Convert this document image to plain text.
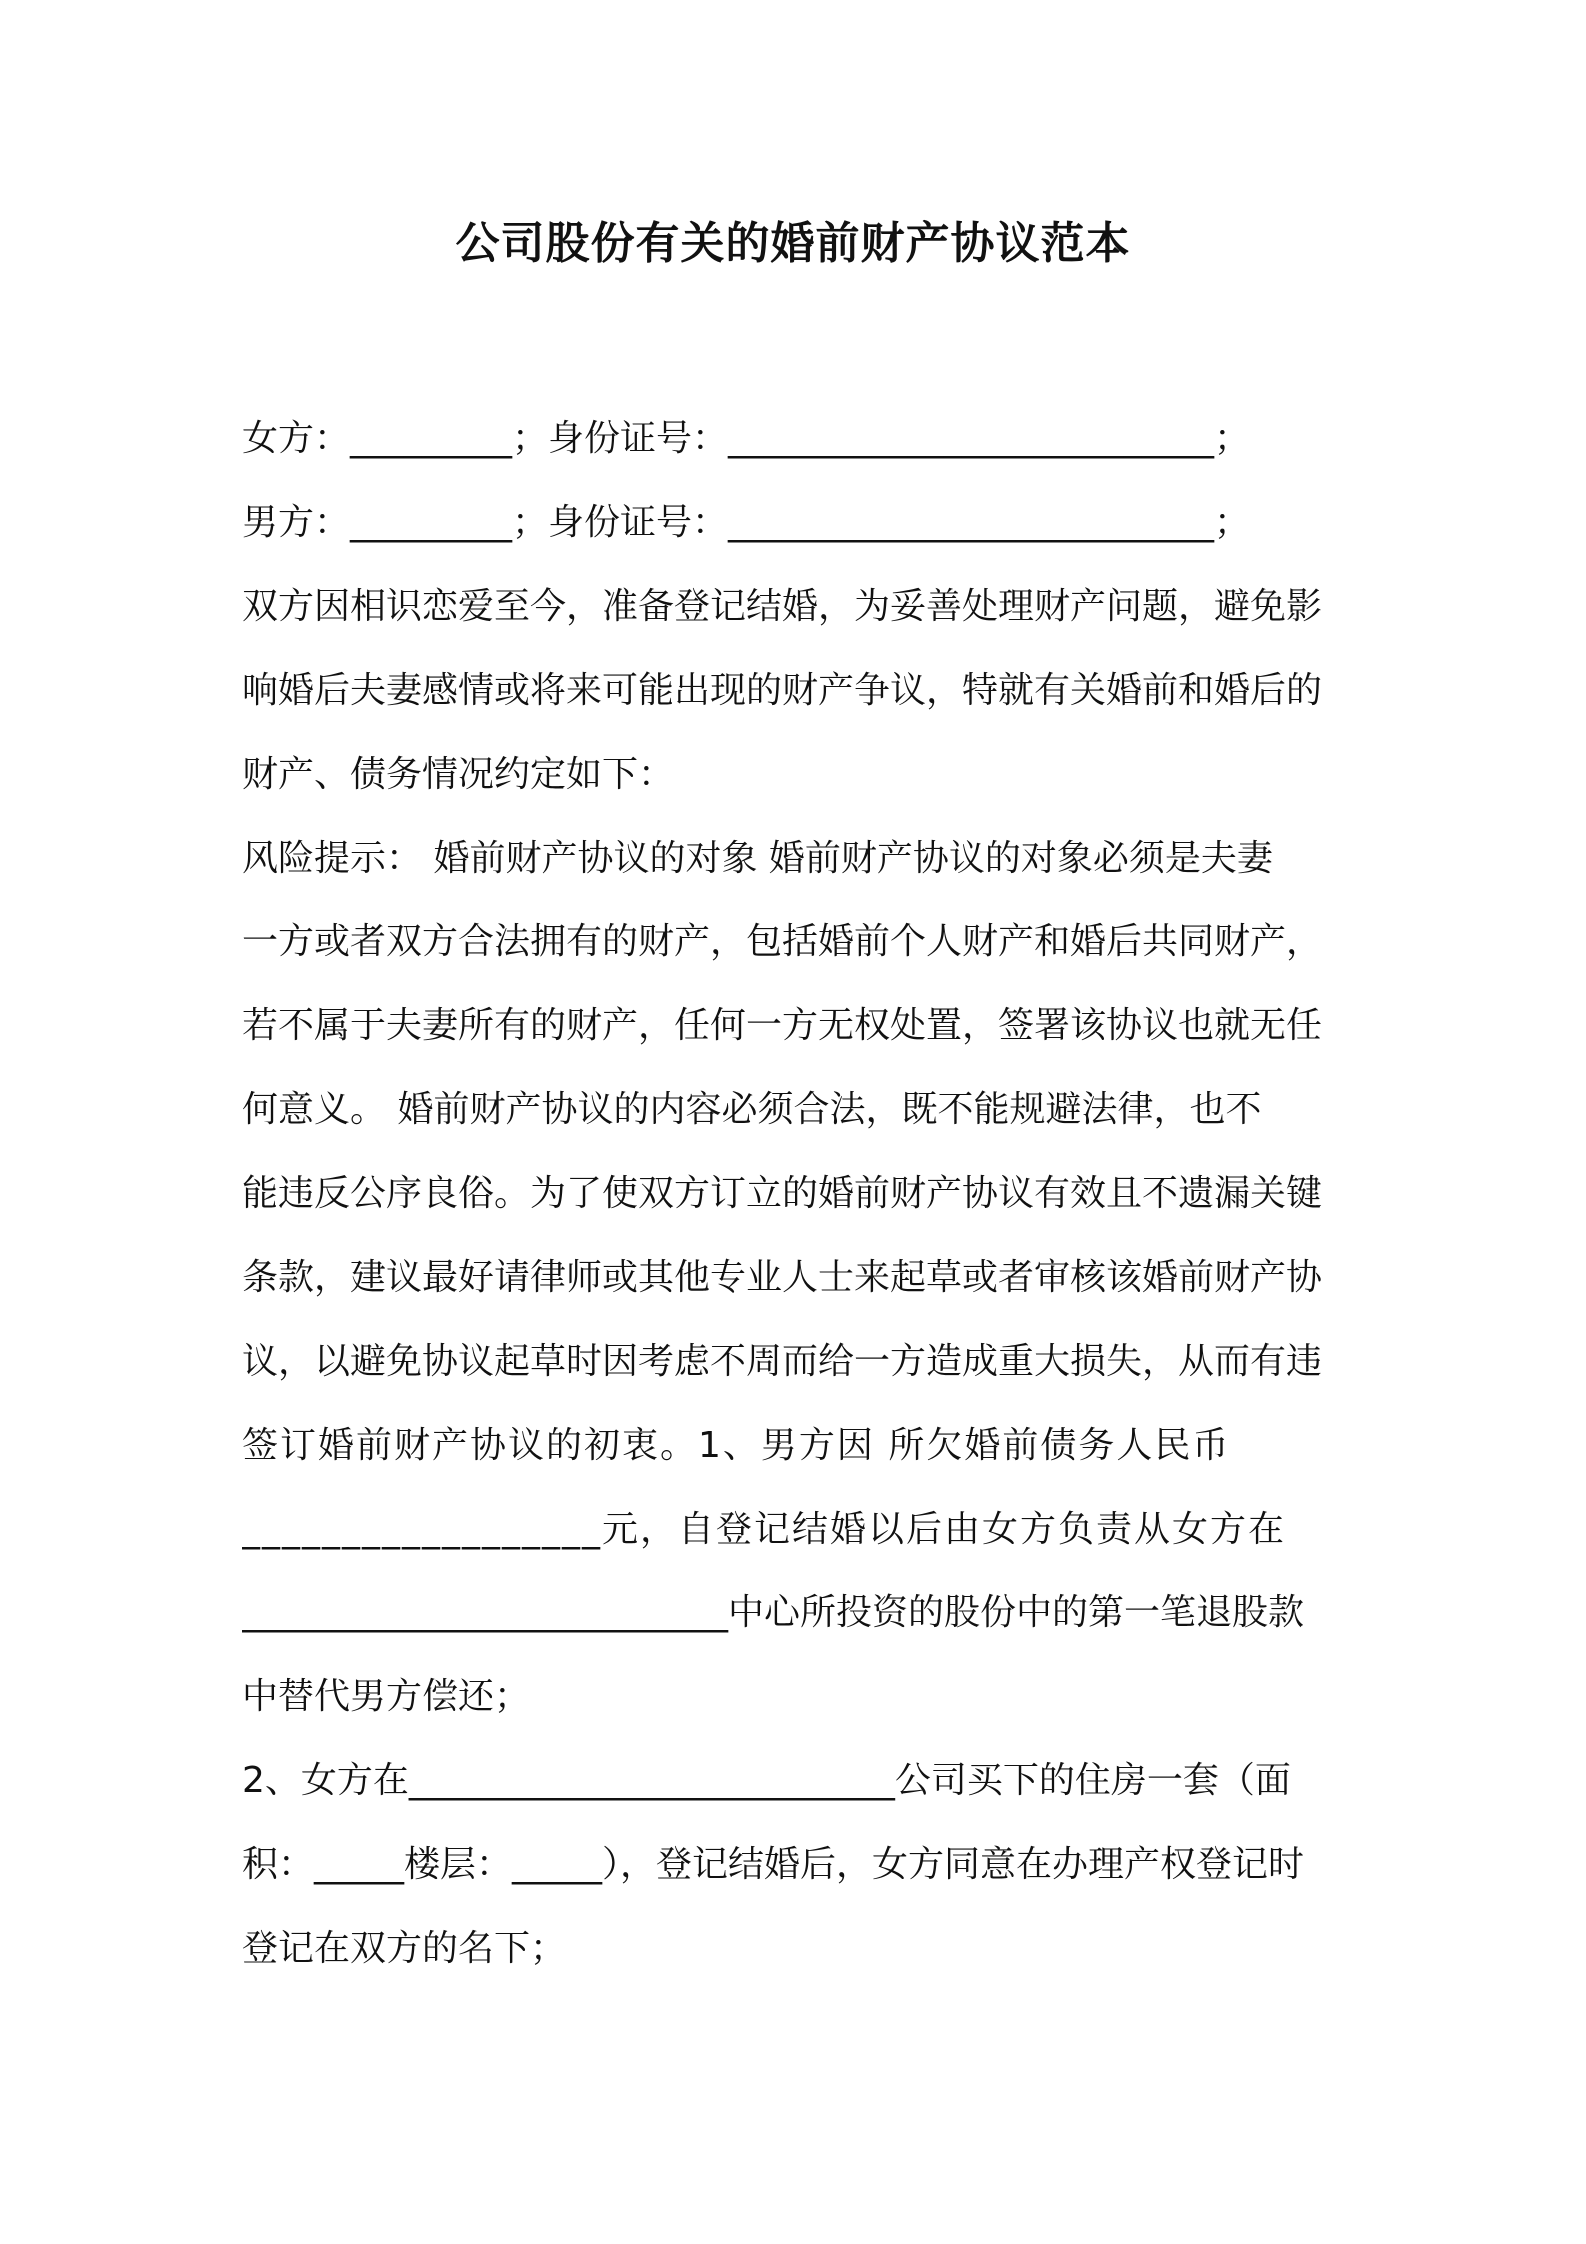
公司股份有关的婚前财产协议范本

女方：_________；身份证号：___________________________；

男方：_________；身份证号：___________________________；

双方因相识恋爱至今，准备登记结婚，为妥善处理财产问题，避免影

响婚后夫妻感情或将来可能出现的财产争议，特就有关婚前和婚后的

财产、债务情况约定如下：

风险提示： 婚前财产协议的对象 婚前财产协议的对象必须是夫妻

一方或者双方合法拥有的财产，包括婚前个人财产和婚后共同财产，

若不属于夫妻所有的财产，任何一方无权处置，签署该协议也就无任

何意义。 婚前财产协议的内容必须合法，既不能规避法律，也不

能违反公序良俗。为了使双方订立的婚前财产协议有效且不遗漏关键

条款，建议最好请律师或其他专业人士来起草或者审核该婚前财产协

议，以避免协议起草时因考虑不周而给一方造成重大损失，从而有违

签订婚前财产协议的初衷。1、男方因 所欠婚前债务人民币

__________________元，自登记结婚以后由女方负责从女方在

___________________________中心所投资的股份中的第一笔退股款

中替代男方偿还；

2、女方在___________________________公司买下的住房一套（面

积：_____楼层：_____），登记结婚后，女方同意在办理产权登记时

登记在双方的名下；
